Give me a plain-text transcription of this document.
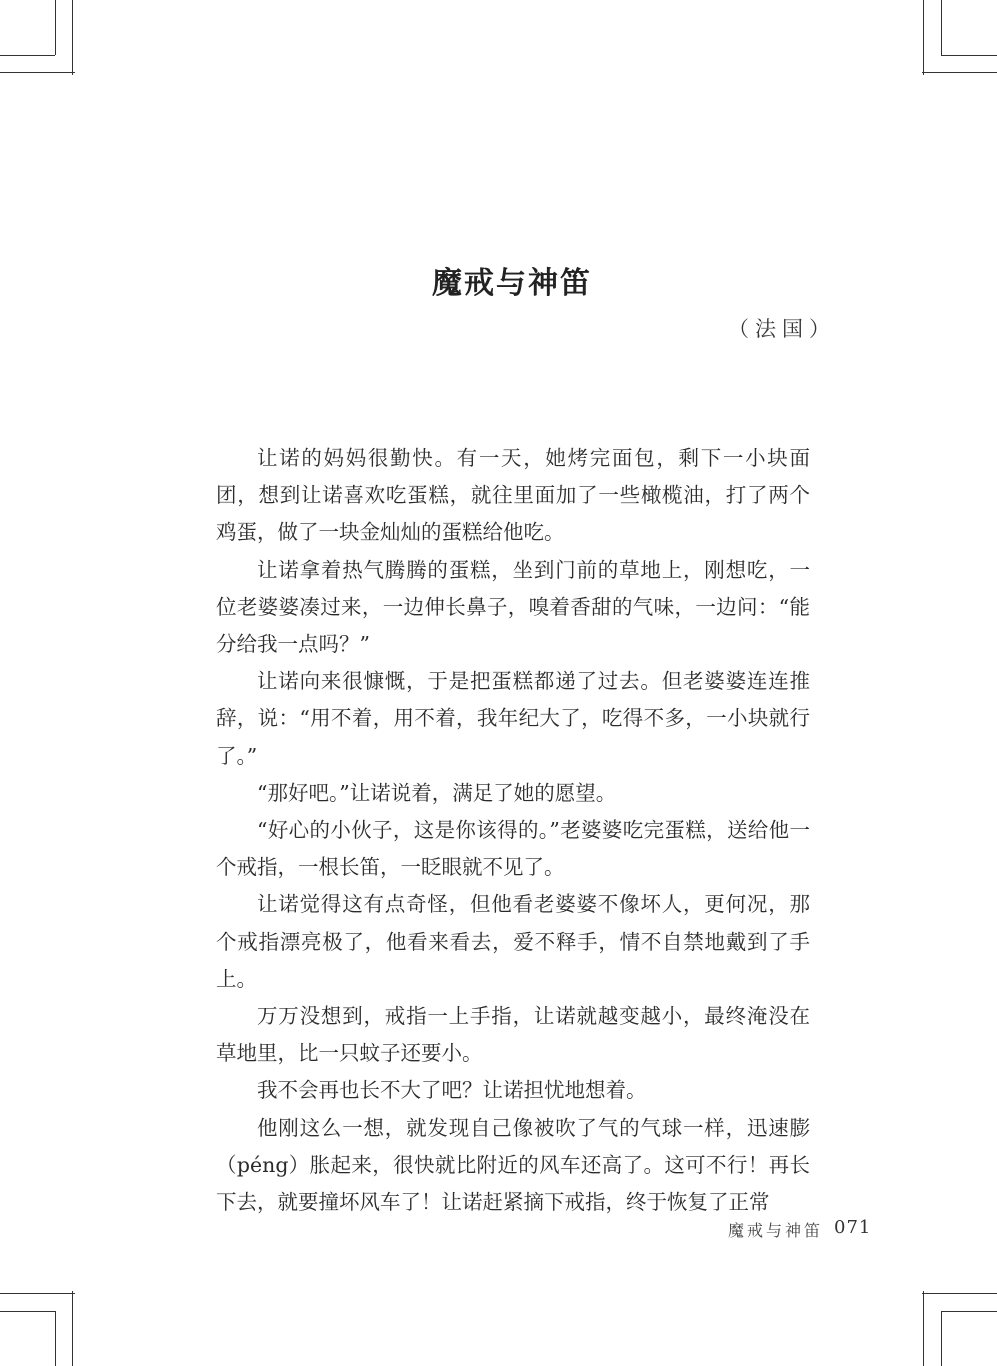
魔戒与神笛
（法国）

让诺的妈妈很勤快。有一天，她烤完面包，剩下一小块面团，想到让诺喜欢吃蛋糕，就往里面加了一些橄榄油，打了两个鸡蛋，做了一块金灿灿的蛋糕给他吃。

让诺拿着热气腾腾的蛋糕，坐到门前的草地上，刚想吃，一位老婆婆凑过来，一边伸长鼻子，嗅着香甜的气味，一边问：“能分给我一点吗？”

让诺向来很慷慨，于是把蛋糕都递了过去。但老婆婆连连推辞，说：“用不着，用不着，我年纪大了，吃得不多，一小块就行了。”

“那好吧。”让诺说着，满足了她的愿望。

“好心的小伙子，这是你该得的。”老婆婆吃完蛋糕，送给他一个戒指，一根长笛，一眨眼就不见了。

让诺觉得这有点奇怪，但他看老婆婆不像坏人，更何况，那个戒指漂亮极了，他看来看去，爱不释手，情不自禁地戴到了手上。

万万没想到，戒指一上手指，让诺就越变越小，最终淹没在草地里，比一只蚊子还要小。

我不会再也长不大了吧？让诺担忧地想着。

他刚这么一想，就发现自己像被吹了气的气球一样，迅速膨（péng）胀起来，很快就比附近的风车还高了。这可不行！再长下去，就要撞坏风车了！让诺赶紧摘下戒指，终于恢复了正常

魔戒与神笛 071
